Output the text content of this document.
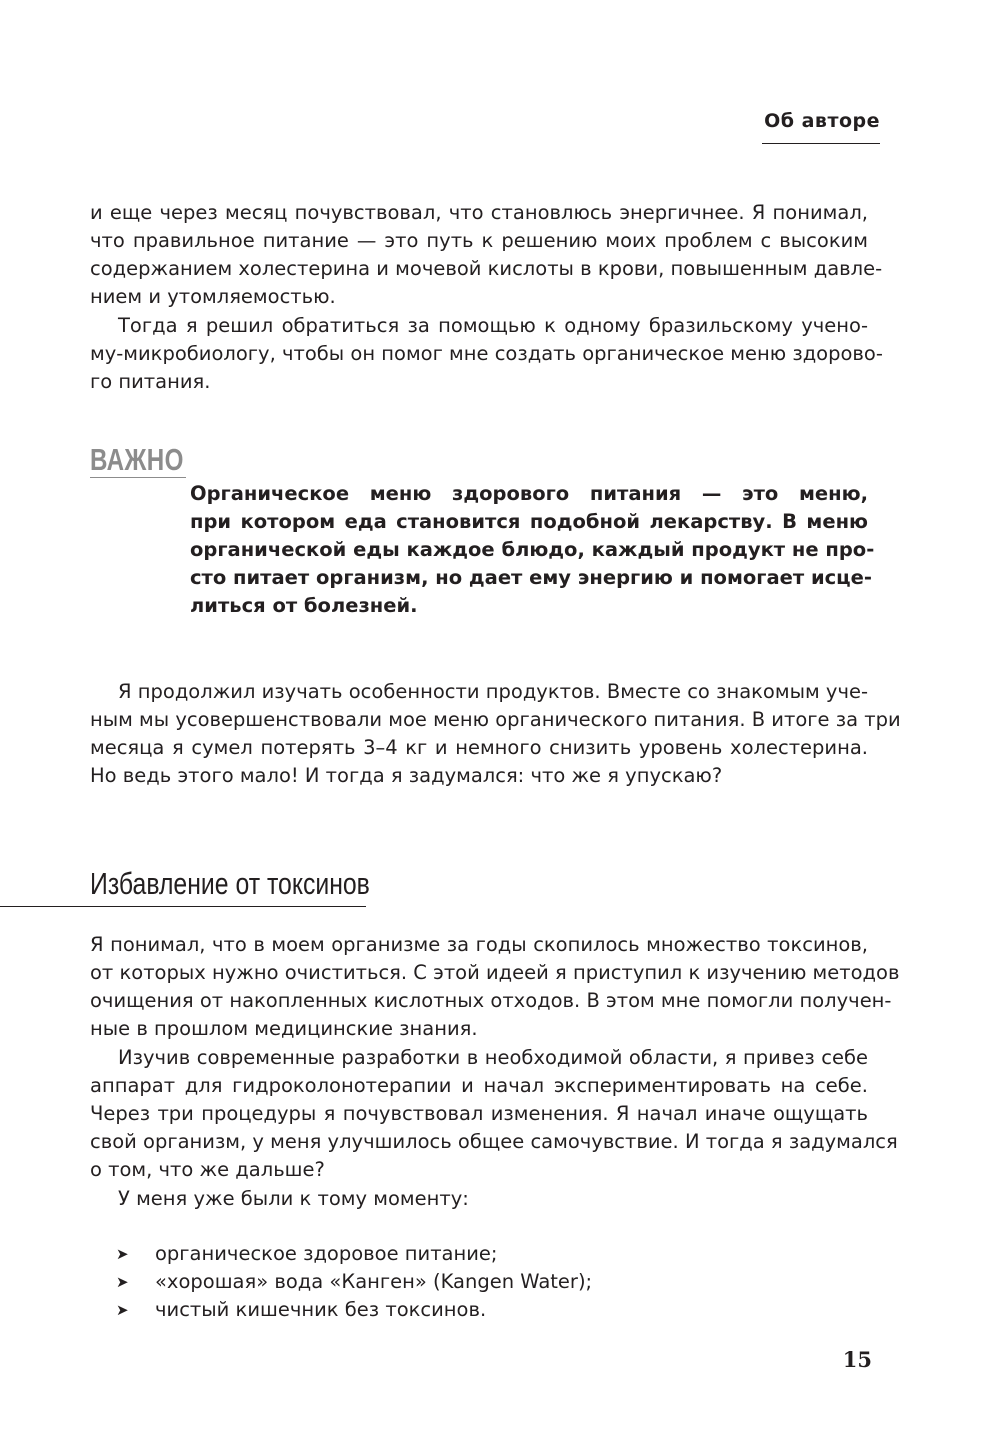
Об авторе
и еще через месяц почувствовал, что становлюсь энергичнее. Я понимал,
что правильное питание — это путь к решению моих проблем с высоким
содержанием холестерина и мочевой кислоты в крови, повышенным давле-
нием и утомляемостью.
Тогда я решил обратиться за помощью к одному бразильскому учено-
му-микробиологу, чтобы он помог мне создать органическое меню здорово-
го питания.
ВАЖНО
Органическое меню здорового питания — это меню,
при котором еда становится подобной лекарству. В меню
органической еды каждое блюдо, каждый продукт не про-
сто питает организм, но дает ему энергию и помогает исце-
литься от болезней.
Я продолжил изучать особенности продуктов. Вместе со знакомым уче-
ным мы усовершенствовали мое меню органического питания. В итоге за три
месяца я сумел потерять 3–4 кг и немного снизить уровень холестерина.
Но ведь этого мало! И тогда я задумался: что же я упускаю?
Избавление от токсинов
Я понимал, что в моем организме за годы скопилось множество токсинов,
от которых нужно очиститься. С этой идеей я приступил к изучению методов
очищения от накопленных кислотных отходов. В этом мне помогли получен-
ные в прошлом медицинские знания.
Изучив современные разработки в необходимой области, я привез себе
аппарат для гидроколонотерапии и начал экспериментировать на себе.
Через три процедуры я почувствовал изменения. Я начал иначе ощущать
свой организм, у меня улучшилось общее самочувствие. И тогда я задумался
о том, что же дальше?
У меня уже были к тому моменту:
➤ органическое здоровое питание;
➤ «хорошая» вода «Канген» (Kangen Water);
➤ чистый кишечник без токсинов.
15
